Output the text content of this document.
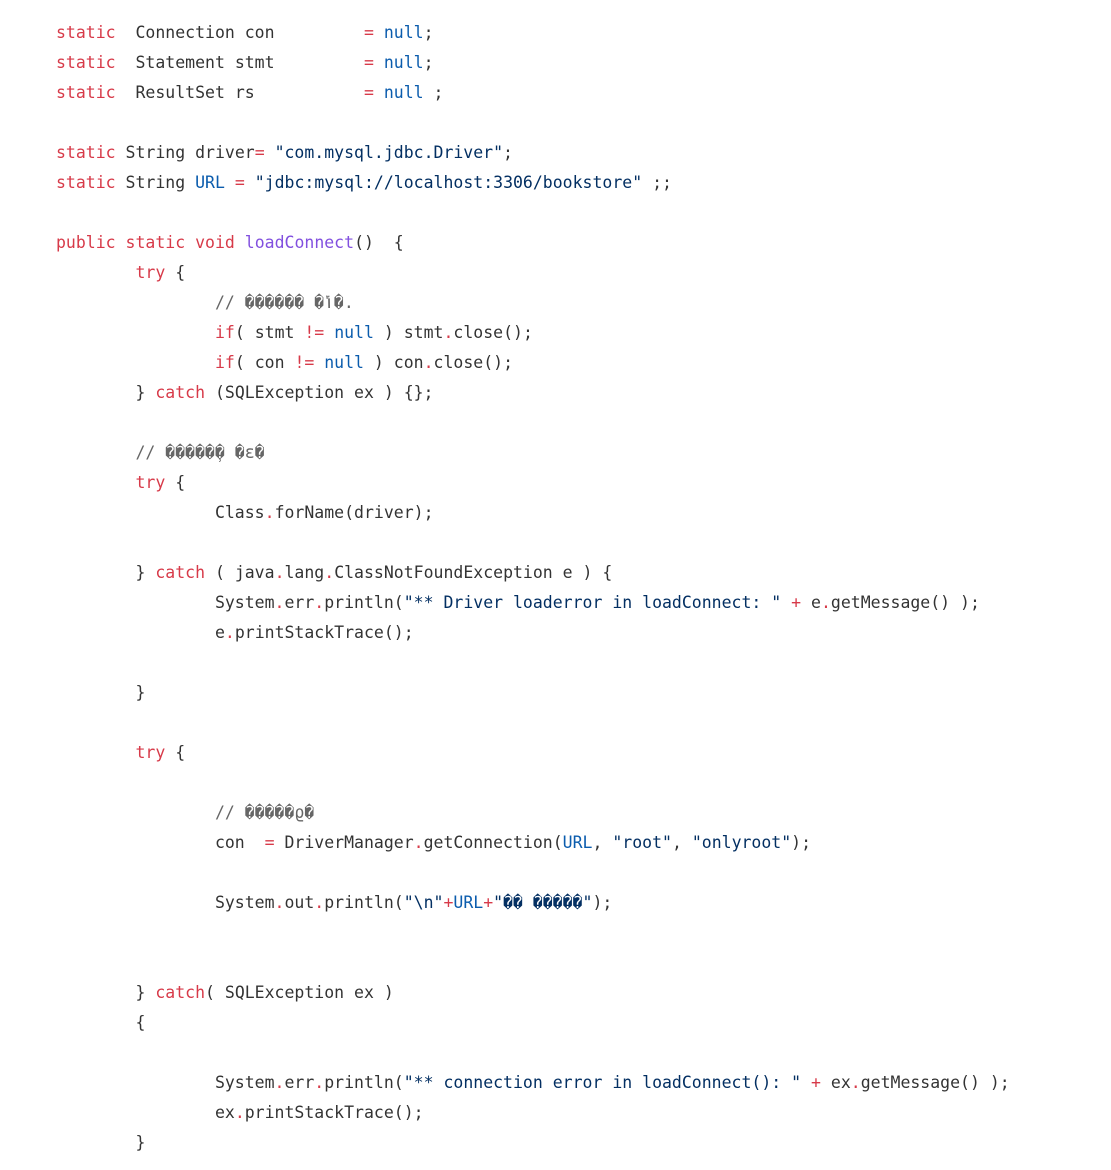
static  Connection con         = null;
static  Statement stmt         = null;
static  ResultSet rs           = null ;

static String driver= "com.mysql.jdbc.Driver";
static String URL = "jdbc:mysql://localhost:3306/bookstore" ;;

public static void loadConnect()  {
try {
// ������ �ݴ�.
if( stmt != null ) stmt.close();
if( con != null ) con.close();
} catch (SQLException ex ) {};

// �����̹� �ε�
try {
Class.forName(driver);

} catch ( java.lang.ClassNotFoundException e ) {
System.err.println("** Driver loaderror in loadConnect: " + e.getMessage() );
e.printStackTrace();

}

try {

// �����ϱ�
con  = DriverManager.getConnection(URL, "root", "onlyroot");

System.out.println("\n"+URL+"�� �����");

} catch( SQLException ex )
{

System.err.println("** connection error in loadConnect(): " + ex.getMessage() );
ex.printStackTrace();
}
